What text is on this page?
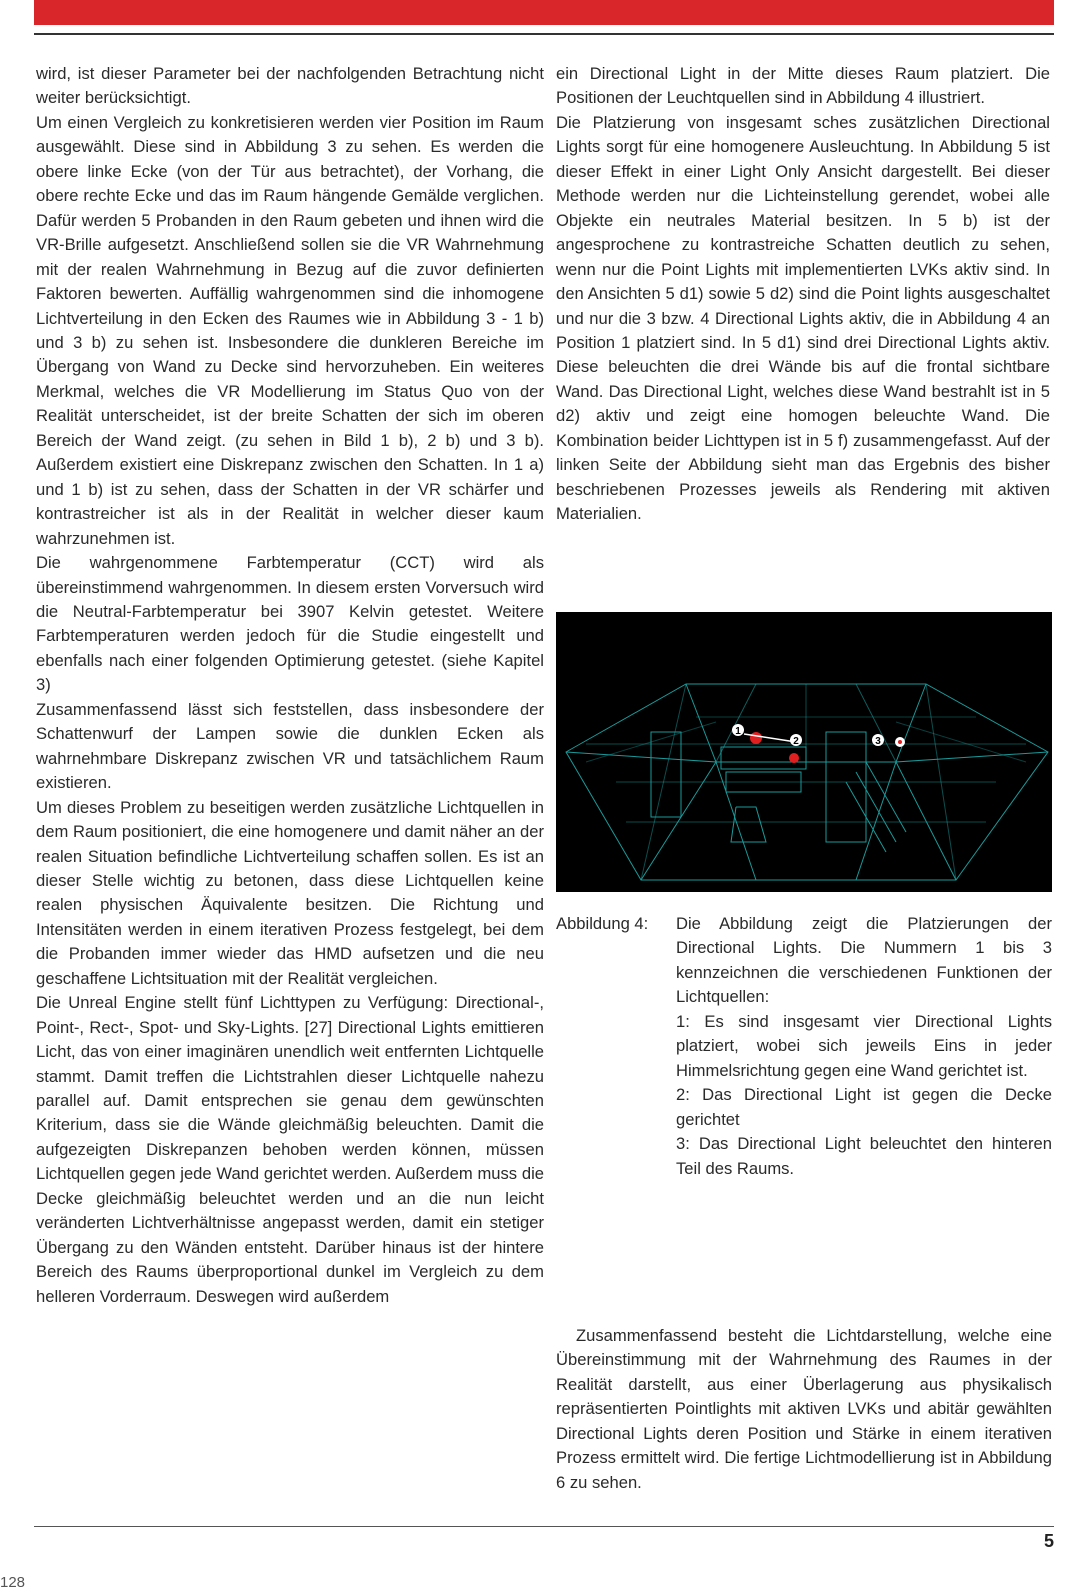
wird, ist dieser Parameter bei der nachfolgenden Betrachtung nicht weiter berücksichtigt.

Um einen Vergleich zu konkretisieren werden vier Position im Raum ausgewählt. Diese sind in Abbildung 3 zu sehen. Es werden die obere linke Ecke (von der Tür aus betrachtet), der Vorhang, die obere rechte Ecke und das im Raum hängende Gemälde verglichen. Dafür werden 5 Probanden in den Raum gebeten und ihnen wird die VR-Brille aufgesetzt. Anschließend sollen sie die VR Wahrnehmung mit der realen Wahrnehmung in Bezug auf die zuvor definierten Faktoren bewerten. Auffällig wahrgenommen sind die inhomogene Lichtverteilung in den Ecken des Raumes wie in Abbildung 3 - 1 b) und 3 b) zu sehen ist. Insbesondere die dunkleren Bereiche im Übergang von Wand zu Decke sind hervorzuheben. Ein weiteres Merkmal, welches die VR Modellierung im Status Quo von der Realität unterscheidet, ist der breite Schatten der sich im oberen Bereich der Wand zeigt. (zu sehen in Bild 1 b), 2 b) und 3 b). Außerdem existiert eine Diskrepanz zwischen den Schatten. In 1 a) und 1 b) ist zu sehen, dass der Schatten in der VR schärfer und kontrastreicher ist als in der Realität in welcher dieser kaum wahrzunehmen ist.

Die wahrgenommene Farbtemperatur (CCT) wird als übereinstimmend wahrgenommen. In diesem ersten Vorversuch wird die Neutral-Farbtemperatur bei 3907 Kelvin getestet. Weitere Farbtemperaturen werden jedoch für die Studie eingestellt und ebenfalls nach einer folgenden Optimierung getestet. (siehe Kapitel 3)

Zusammenfassend lässt sich feststellen, dass insbesondere der Schattenwurf der Lampen sowie die dunklen Ecken als wahrnehmbare Diskrepanz zwischen VR und tatsächlichem Raum existieren.

Um dieses Problem zu beseitigen werden zusätzliche Lichtquellen in dem Raum positioniert, die eine homogenere und damit näher an der realen Situation befindliche Lichtverteilung schaffen sollen. Es ist an dieser Stelle wichtig zu betonen, dass diese Lichtquellen keine realen physischen Äquivalente besitzen. Die Richtung und Intensitäten werden in einem iterativen Prozess festgelegt, bei dem die Probanden immer wieder das HMD aufsetzen und die neu geschaffene Lichtsituation mit der Realität vergleichen.

Die Unreal Engine stellt fünf Lichttypen zu Verfügung: Directional-, Point-, Rect-, Spot- und Sky-Lights. [27] Directional Lights emittieren Licht, das von einer imaginären unendlich weit entfernten Lichtquelle stammt. Damit treffen die Lichtstrahlen dieser Lichtquelle nahezu parallel auf. Damit entsprechen sie genau dem gewünschten Kriterium, dass sie die Wände gleichmäßig beleuchten. Damit die aufgezeigten Diskrepanzen behoben werden können, müssen Lichtquellen gegen jede Wand gerichtet werden. Außerdem muss die Decke gleichmäßig beleuchtet werden und an die nun leicht veränderten Lichtverhältnisse angepasst werden, damit ein stetiger Übergang zu den Wänden entsteht. Darüber hinaus ist der hintere Bereich des Raums überproportional dunkel im Vergleich zu dem helleren Vorderraum. Deswegen wird außerdem

ein Directional Light in der Mitte dieses Raum platziert. Die Positionen der Leuchtquellen sind in Abbildung 4 illustriert.

Die Platzierung von insgesamt sches zusätzlichen Directional Lights sorgt für eine homogenere Ausleuchtung. In Abbildung 5 ist dieser Effekt in einer Light Only Ansicht dargestellt. Bei dieser Methode werden nur die Lichteinstellung gerendet, wobei alle Objekte ein neutrales Material besitzen. In 5 b) ist der angesprochene zu kontrastreiche Schatten deutlich zu sehen, wenn nur die Point Lights mit implementierten LVKs aktiv sind. In den Ansichten 5 d1) sowie 5 d2) sind die Point lights ausgeschaltet und nur die 3 bzw. 4 Directional Lights aktiv, die in Abbildung 4 an Position 1 platziert sind. In 5 d1) sind drei Directional Lights aktiv. Diese beleuchten die drei Wände bis auf die frontal sichtbare Wand. Das Directional Light, welches diese Wand bestrahlt ist in 5 d2) aktiv und zeigt eine homogen beleuchte Wand. Die Kombination beider Lichttypen ist in 5 f) zusammengefasst. Auf der linken Seite der Abbildung sieht man das Ergebnis des bisher beschriebenen Prozesses jeweils als Rendering mit aktiven Materialien.

1
2	3
Abbildung 4: Die Abbildung zeigt die Platzierungen der Directional Lights. Die Nummern 1 bis 3 kennzeichnen die verschiedenen Funktionen der Lichtquellen:

1: Es sind insgesamt vier Directional Lights platziert, wobei sich jeweils Eins in jeder Himmelsrichtung gegen eine Wand gerichtet ist.

2: Das Directional Light ist gegen die Decke gerichtet

3: Das Directional Light beleuchtet den hinteren Teil des Raums.

Zusammenfassend besteht die Lichtdarstellung, welche eine Übereinstimmung mit der Wahrnehmung des Raumes in der Realität darstellt, aus einer Überlagerung aus physikalisch repräsentierten Pointlights mit aktiven LVKs und abitär gewählten Directional Lights deren Position und Stärke in einem iterativen Prozess ermittelt wird. Die fertige Lichtmodellierung ist in Abbildung 6 zu sehen.

5
128
